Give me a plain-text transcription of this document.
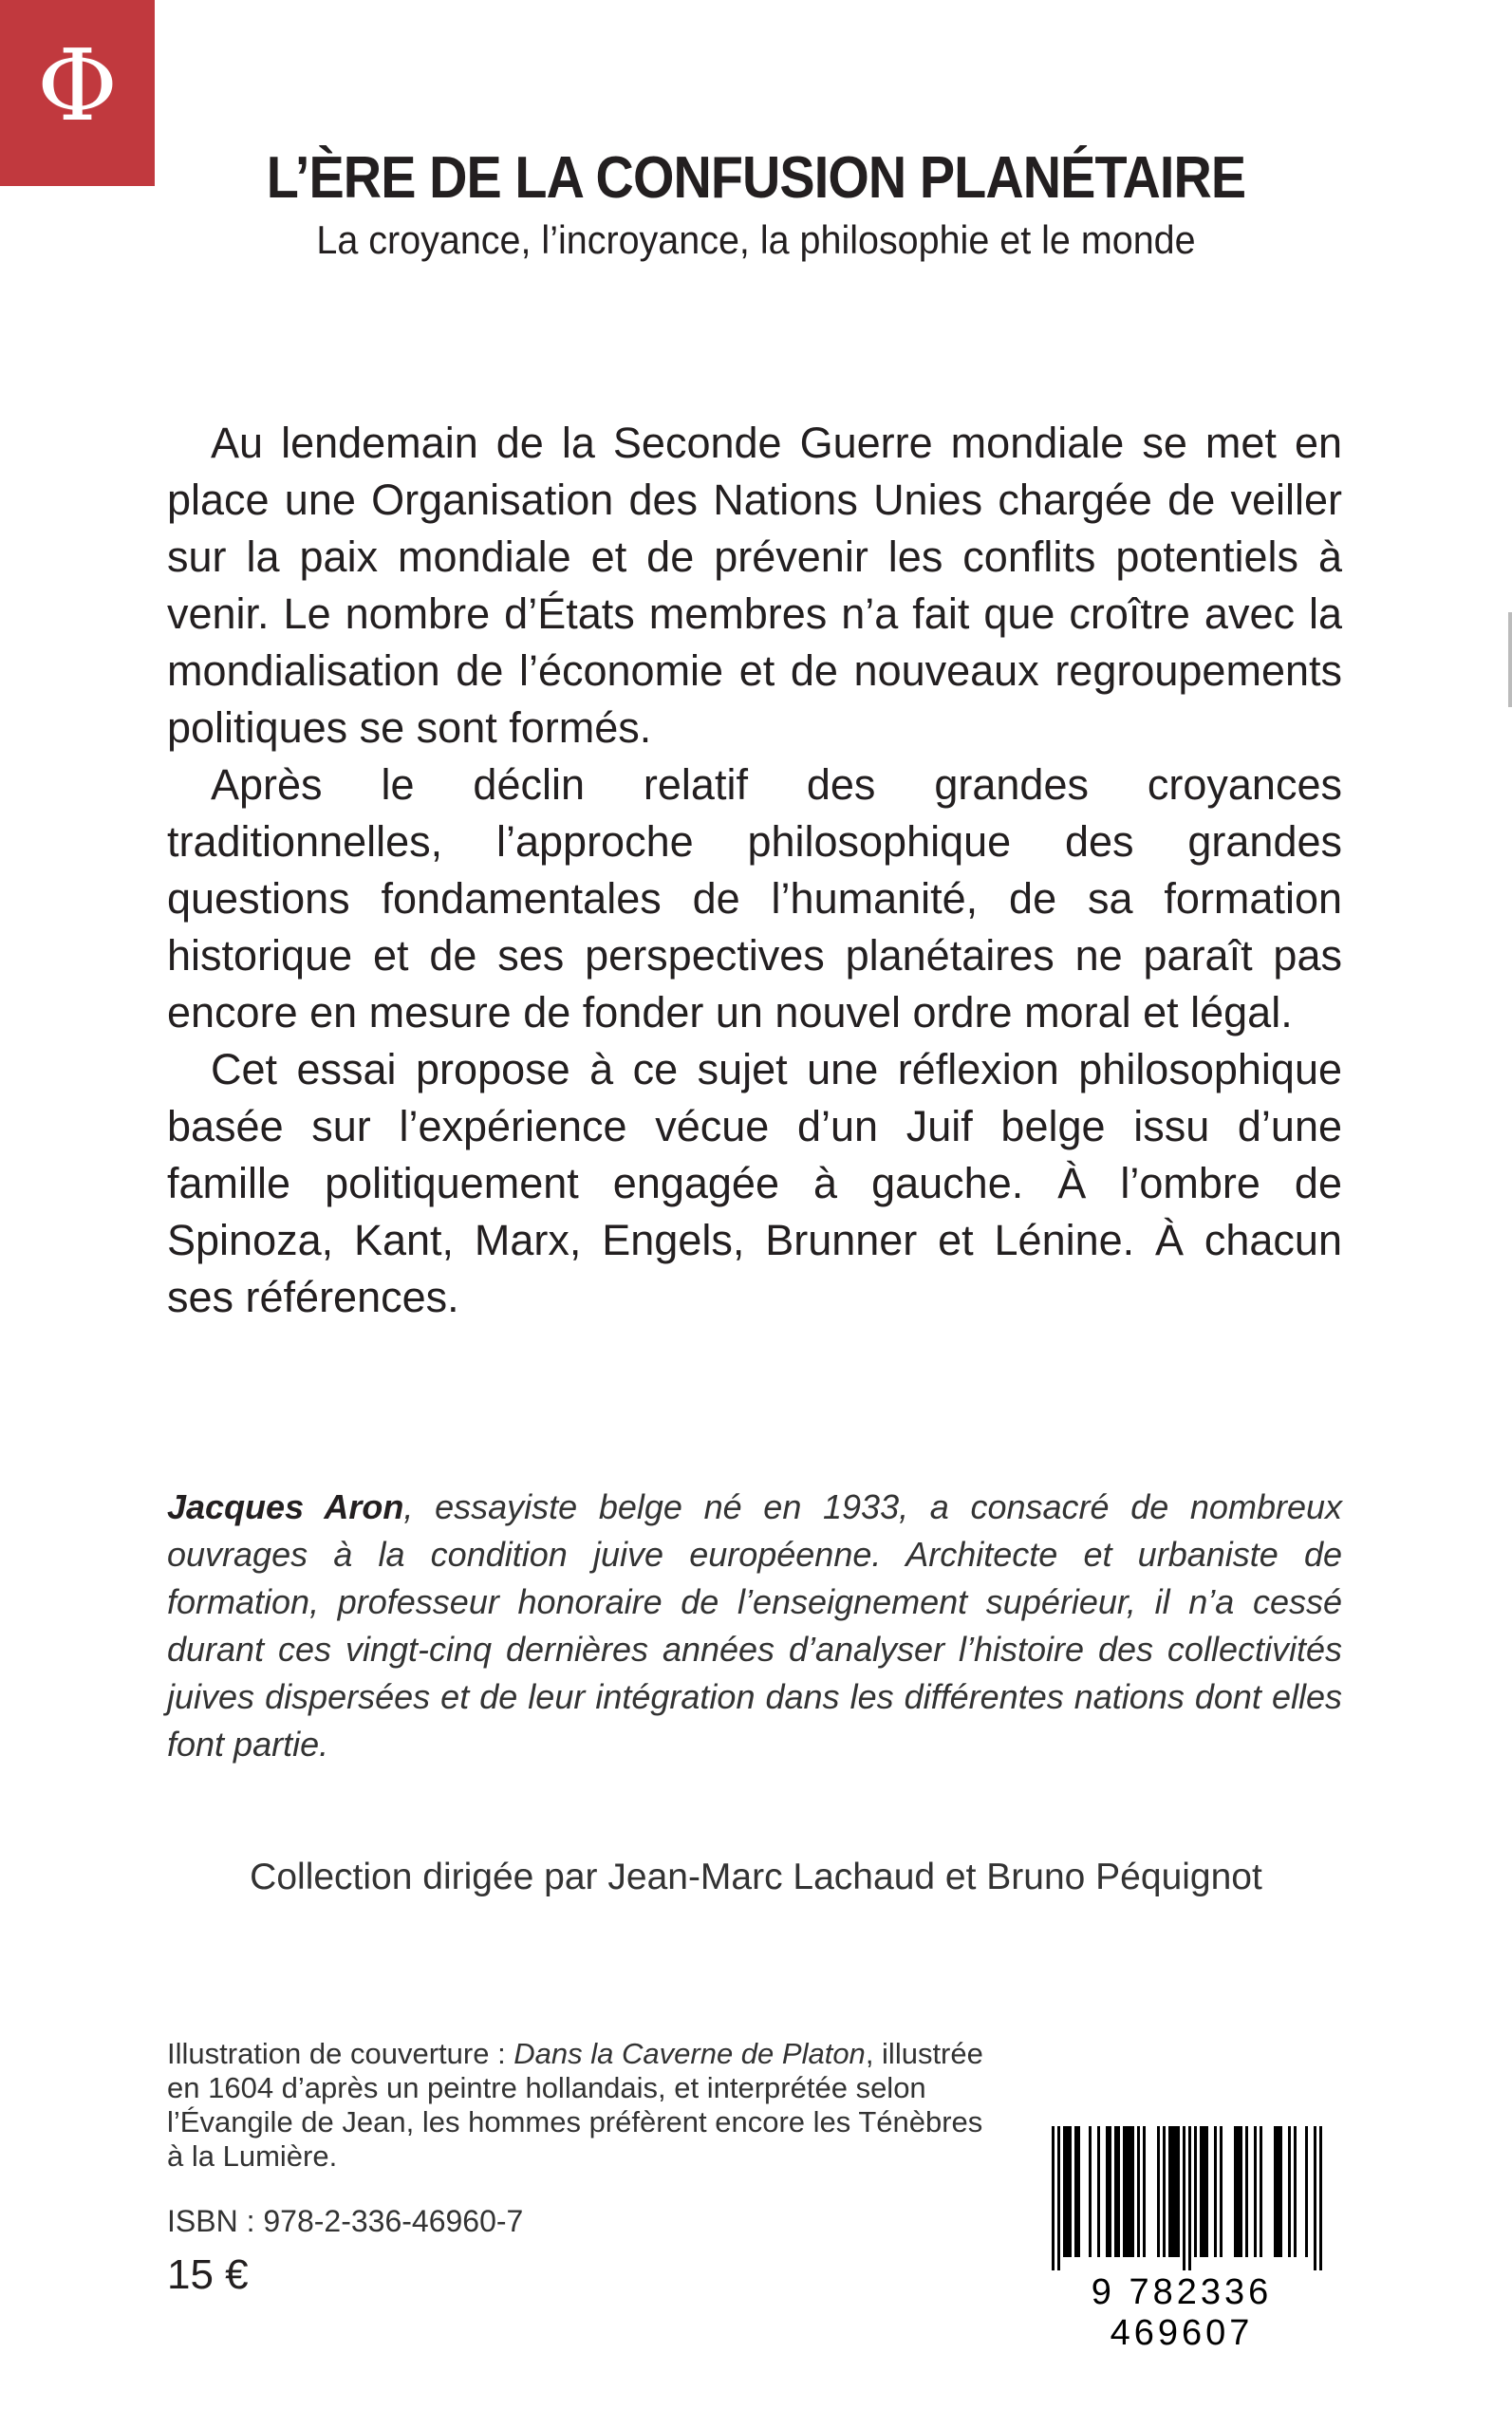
Φ
L’ÈRE DE LA CONFUSION PLANÉTAIRE
La croyance, l’incroyance, la philosophie et le monde

Au lendemain de la Seconde Guerre mondiale se met en place une Organisation des Nations Unies chargée de veiller sur la paix mondiale et de prévenir les conflits potentiels à venir. Le nombre d’États membres n’a fait que croître avec la mondialisation de l’économie et de nouveaux regroupements politiques se sont formés.

Après le déclin relatif des grandes croyances traditionnelles, l’approche philosophique des grandes questions fondamentales de l’humanité, de sa formation historique et de ses perspectives planétaires ne paraît pas encore en mesure de fonder un nouvel ordre moral et légal.

Cet essai propose à ce sujet une réflexion philosophique basée sur l’expérience vécue d’un Juif belge issu d’une famille politiquement engagée à gauche. À l’ombre de Spinoza, Kant, Marx, Engels, Brunner et Lénine. À chacun ses références.

Jacques Aron, essayiste belge né en 1933, a consacré de nombreux ouvrages à la condition juive européenne. Architecte et urbaniste de formation, professeur honoraire de l’enseignement supérieur, il n’a cessé durant ces vingt-cinq dernières années d’analyser l’histoire des collectivités juives dispersées et de leur intégration dans les différentes nations dont elles font partie.
Collection dirigée par Jean-Marc Lachaud et Bruno Péquignot
Illustration de couverture : Dans la Caverne de Platon, illustrée en 1604 d’après un peintre hollandais, et interprétée selon l’Évangile de Jean, les hommes préfèrent encore les Ténèbres à la Lumière.
ISBN : 978-2-336-46960-7
15 €	9 782336 469607
